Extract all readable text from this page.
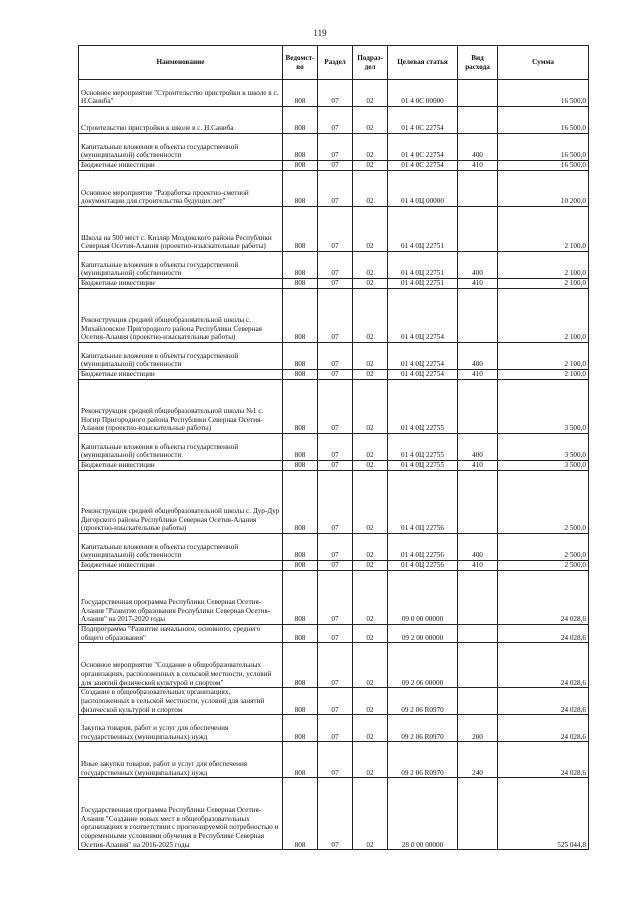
119
Наименование	Ведомст-во	Раздел	Подраз-дел	Целевая статья	Вид расхода	Сумма
Основное мероприятие "Строительство пристройки к школе в с. Н.Саниба"	808	07	02	01 4 0С 00000		16 500,0
Строительство пристройки к школе в с. Н.Саниба	808	07	02	01 4 0С 22754		16 500,0
Капитальные вложения в объекты государственной (муниципальной) собственности	808	07	02	01 4 0С 22754	400	16 500,0
Бюджетные инвестиции	808	07	02	01 4 0С 22754	410	16 500,0
Основное мероприятие "Разработка проектно-сметной документации для строительства будущих лет"	808	07	02	01 4 0Ц 00000		10 200,0
Школа на 500 мест с. Кизляр Моздокского района Республики Северная Осетия-Алания (проектно-изыскательные работы)	808	07	02	01 4 0Ц 22751		2 100,0
Капитальные вложения в объекты государственной (муниципальной) собственности	808	07	02	01 4 0Ц 22751	400	2 100,0
Бюджетные инвестиции	808	07	02	01 4 0Ц 22751	410	2 100,0
Реконструкция средней общеобразовательной школы с. Михайловское Пригородного района Республики Северная Осетия-Алания (проектно-изыскательные работы)	808	07	02	01 4 0Ц 22754		2 100,0
Капитальные вложения в объекты государственной (муниципальной) собственности	808	07	02	01 4 0Ц 22754	400	2 100,0
Бюджетные инвестиции	808	07	02	01 4 0Ц 22754	410	2 100,0
Реконструкция средней общеобразовательной школы №1 с. Ногир Пригородного района Республики Северная Осетия-Алания (проектно-изыскательные работы)	808	07	02	01 4 0Ц 22755		3 500,0
Капитальные вложения в объекты государственной (муниципальной) собственности	808	07	02	01 4 0Ц 22755	400	3 500,0
Бюджетные инвестиции	808	07	02	01 4 0Ц 22755	410	3 500,0
Реконструкция средней общеобразовательной школы с. Дур-Дур Дигорского района Республики Северная Осетия-Алания (проектно-изыскательные работы)	808	07	02	01 4 0Ц 22756		2 500,0
Капитальные вложения в объекты государственной (муниципальной) собственности	808	07	02	01 4 0Ц 22756	400	2 500,0
Бюджетные инвестиции	808	07	02	01 4 0Ц 22756	410	2 500,0
Государственная программа Республики Северная Осетия-Алания "Развитие образования Республики Северная Осетия-Алания" на 2017-2020 годы	808	07	02	09 0 00 00000		24 028,6
Подпрограмма "Развитие начального, основного, среднего общего образования"	808	07	02	09 2 00 00000		24 028,6
Основное мероприятие "Создание в общеобразовательных организациях, расположенных в сельской местности, условий для занятий физической культурой и спортом"	808	07	02	09 2 06 00000		24 028,6
Создание в общеобразовательных организациях, расположенных в сельской местности, условий для занятий физической культурой и спортом	808	07	02	09 2 06 R0970		24 028,6
Закупка товаров, работ и услуг для обеспечения государственных (муниципальных) нужд	808	07	02	09 2 06 R0970	200	24 028,6
Иные закупки товаров, работ и услуг для обеспечения государственных (муниципальных) нужд	808	07	02	09 2 06 R0970	240	24 028,6
Государственная программа Республики Северная Осетия-Алания "Создание новых мест в общеобразовательных организациях в соответствии с прогнозируемой потребностью и современными условиями обучения в Республике Северная Осетия-Алания" на 2016-2025 годы	808	07	02	28 0 00 00000		525 044,8
